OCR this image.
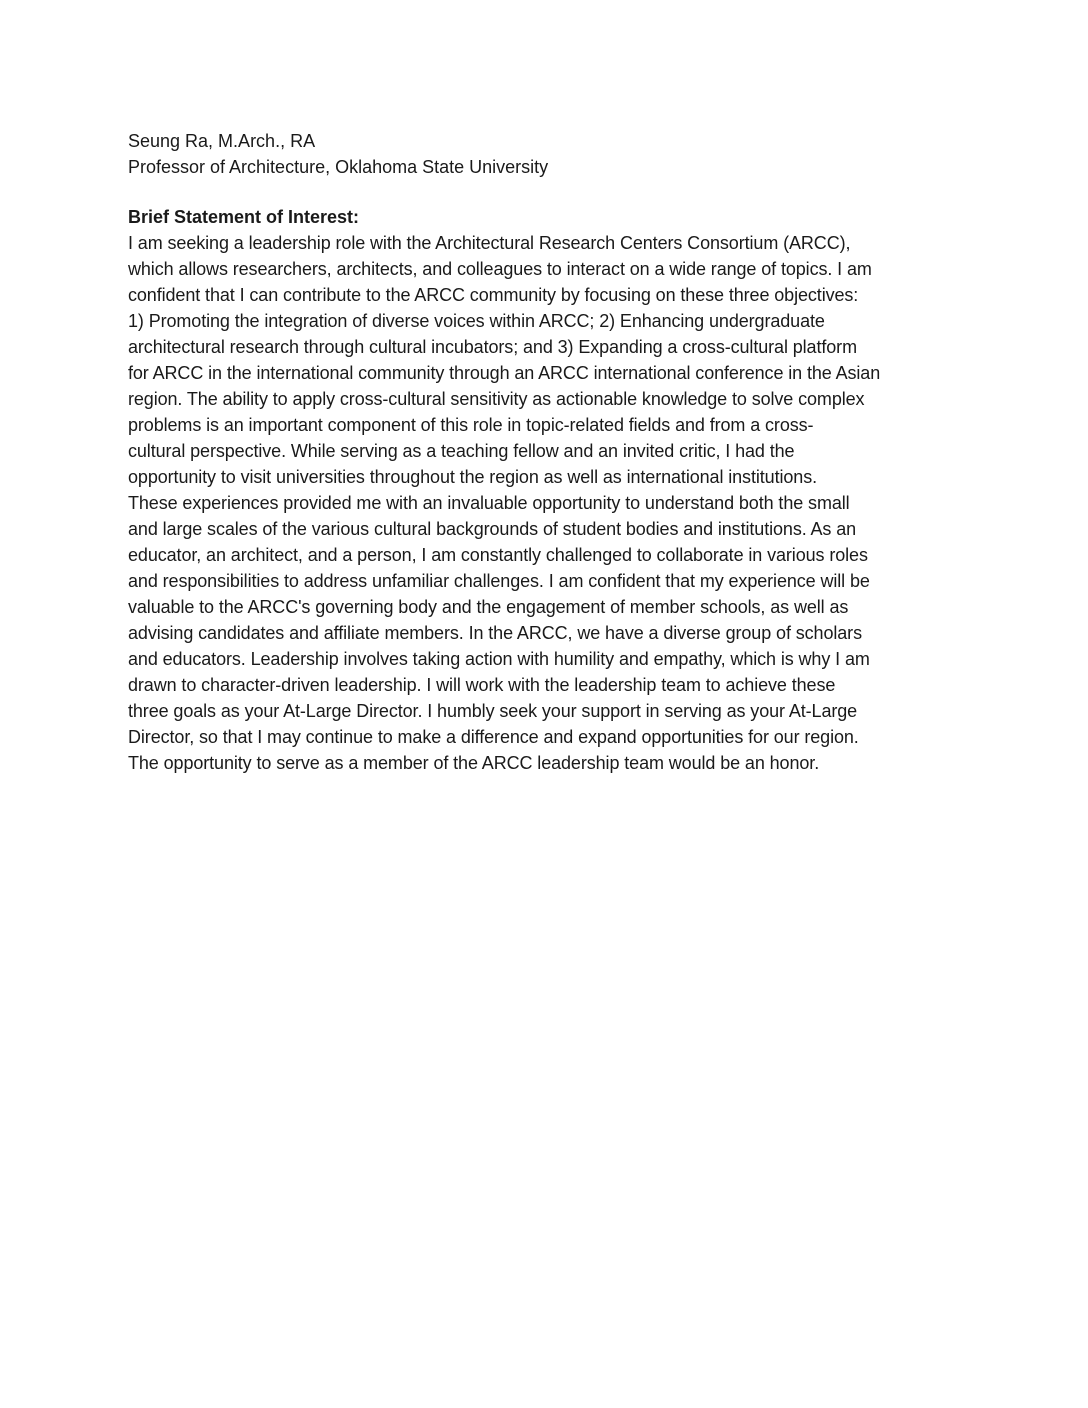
Seung Ra, M.Arch., RA
Professor of Architecture, Oklahoma State University
Brief Statement of Interest:
I am seeking a leadership role with the Architectural Research Centers Consortium (ARCC),
which allows researchers, architects, and colleagues to interact on a wide range of topics. I am
confident that I can contribute to the ARCC community by focusing on these three objectives:
1) Promoting the integration of diverse voices within ARCC; 2) Enhancing undergraduate
architectural research through cultural incubators; and 3) Expanding a cross-cultural platform
for ARCC in the international community through an ARCC international conference in the Asian
region. The ability to apply cross-cultural sensitivity as actionable knowledge to solve complex
problems is an important component of this role in topic-related fields and from a cross-
cultural perspective. While serving as a teaching fellow and an invited critic, I had the
opportunity to visit universities throughout the region as well as international institutions.
These experiences provided me with an invaluable opportunity to understand both the small
and large scales of the various cultural backgrounds of student bodies and institutions. As an
educator, an architect, and a person, I am constantly challenged to collaborate in various roles
and responsibilities to address unfamiliar challenges. I am confident that my experience will be
valuable to the ARCC's governing body and the engagement of member schools, as well as
advising candidates and affiliate members. In the ARCC, we have a diverse group of scholars
and educators. Leadership involves taking action with humility and empathy, which is why I am
drawn to character-driven leadership. I will work with the leadership team to achieve these
three goals as your At-Large Director. I humbly seek your support in serving as your At-Large
Director, so that I may continue to make a difference and expand opportunities for our region.
The opportunity to serve as a member of the ARCC leadership team would be an honor.
